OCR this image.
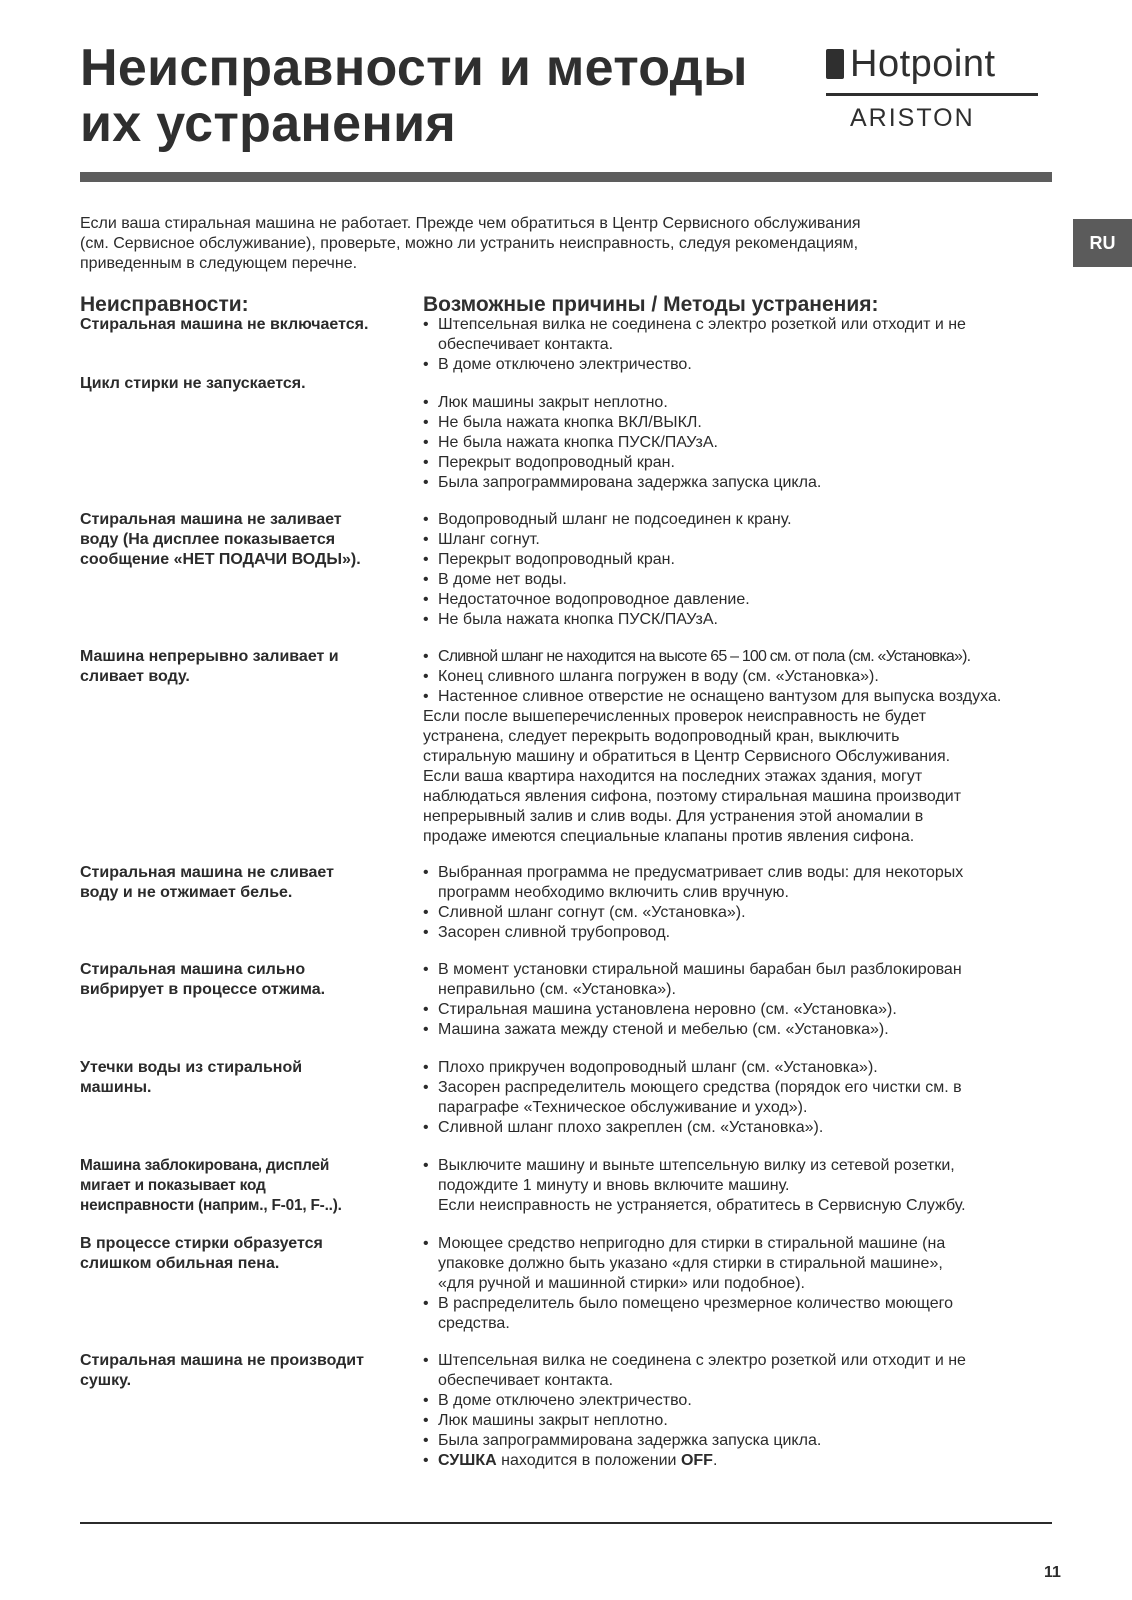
Неисправности и методы
их устранения
Hotpoint
ARISTON
RU

Если ваша стиральная машина не работает. Прежде чем обратиться в Центр Сервисного обслуживания

(см. Сервисное обслуживание), проверьте, можно ли устранить неисправность, следуя рекомендациям,

приведенным в следующем перечне.

Неисправности:	Возможные причины / Методы устранения:
Стиральная машина не включается.	• Штепсельная вилка не соединена с электро розеткой или отходит и не
обеспечивает контакта.
• В доме отключено электричество.
Цикл стирки не запускается.
• Люк машины закрыт неплотно.
• Не была нажата кнопка ВКЛ/ВЫКЛ.
• Не была нажата кнопка ПУСК/ПАУзА.
• Перекрыт водопроводный кран.
• Была запрограммирована задержка запуска цикла.
Стиральная машина не заливает
воду (На дисплее показывается
сообщение «НЕТ ПОДАЧИ ВОДЫ»).
• Водопроводный шланг не подсоединен к крану.
• Шланг согнут.
• Перекрыт водопроводный кран.
• В доме нет воды.
• Недостаточное водопроводное давление.
• Не была нажата кнопка ПУСК/ПАУзА.
Машина непрерывно заливает и
сливает воду.
• Сливной шланг не находится на высоте 65 – 100 см. от пола (см. «Установка»).
• Конец сливного шланга погружен в воду (см. «Установка»).
• Настенное сливное отверстие не оснащено вантузом для выпуска воздуха.
Если после вышеперечисленных проверок неисправность не будет
устранена, следует перекрыть водопроводный кран, выключить
стиральную машину и обратиться в Центр Сервисного Обслуживания.
Если ваша квартира находится на последних этажах здания, могут
наблюдаться явления сифона, поэтому стиральная машина производит
непрерывный залив и слив воды. Для устранения этой аномалии в
продаже имеются специальные клапаны против явления сифона.
Стиральная машина не сливает
воду и не отжимает белье.
• Выбранная программа не предусматривает слив воды: для некоторых
программ необходимо включить слив вручную.
• Сливной шланг согнут (см. «Установка»).
• Засорен сливной трубопровод.
Стиральная машина сильно
вибрирует в процессе отжима.
• В момент установки стиральной машины барабан был разблокирован
неправильно (см. «Установка»).
• Стиральная машина установлена неровно (см. «Установка»).
• Машина зажата между стеной и мебелью (см. «Установка»).
Утечки воды из стиральной
машины.
• Плохо прикручен водопроводный шланг (см. «Установка»).
• Засорен распределитель моющего средства (порядок его чистки см. в
параграфе «Техническое обслуживание и уход»).
• Сливной шланг плохо закреплен (см. «Установка»).
Машина заблокирована, дисплей
мигает и показывает код
неисправности (наприм., F-01, F-..).
• Выключите машину и выньте штепсельную вилку из сетевой розетки,
подождите 1 минуту и вновь включите машину.
Если неисправность не устраняется, обратитесь в Сервисную Службу.
В процессе стирки образуется
слишком обильная пена.
• Моющее средство непригодно для стирки в стиральной машине (на
упаковке должно быть указано «для стирки в стиральной машине»,
«для ручной и машинной стирки» или подобное).
• В распределитель было помещено чрезмерное количество моющего
средства.
Стиральная машина не производит
сушку.
• Штепсельная вилка не соединена с электро розеткой или отходит и не
обеспечивает контакта.
• В доме отключено электричество.
• Люк машины закрыт неплотно.
• Была запрограммирована задержка запуска цикла.
• СУШКА находится в положении OFF.
11
